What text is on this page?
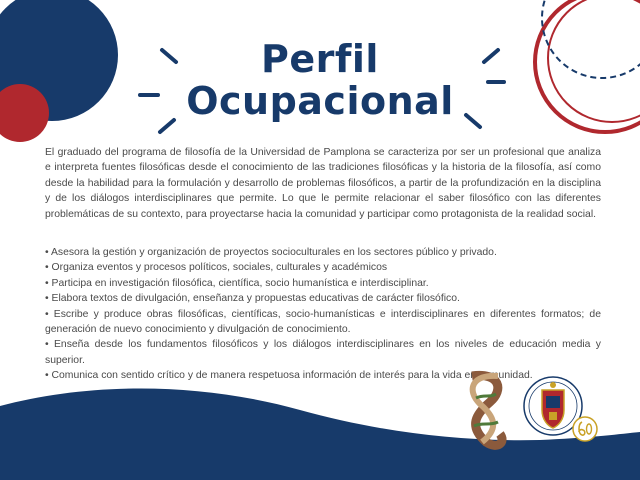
Perfil
Ocupacional

El graduado del programa de filosofía de la Universidad de Pamplona se caracteriza por ser un profesional que analiza e interpreta fuentes filosóficas desde el conocimiento de las tradiciones filosóficas y la historia de la filosofía, así como desde la habilidad para la formulación y desarrollo de problemas filosóficos, a partir de la profundización en la disciplina y de los diálogos interdisciplinares que permite. Lo que le permite relacionar el saber filosófico con las diferentes problemáticas de su contexto, para proyectarse hacia la comunidad y participar como protagonista de la realidad social.

• Asesora la gestión y organización de proyectos socioculturales en los sectores público y privado.
• Organiza eventos y procesos políticos, sociales, culturales y académicos
• Participa en investigación filosófica, científica, socio humanística e interdisciplinar.
• Elabora textos de divulgación, enseñanza y propuestas educativas de carácter filosófico.
• Escribe y produce obras filosóficas, científicas, socio-humanísticas e interdisciplinares en diferentes formatos; de generación de nuevo conocimiento y divulgación de conocimiento.
• Enseña desde los fundamentos filosóficos y los diálogos interdisciplinares en los niveles de educación media y superior.
• Comunica con sentido crítico y de manera respetuosa información de interés para la vida en comunidad.
